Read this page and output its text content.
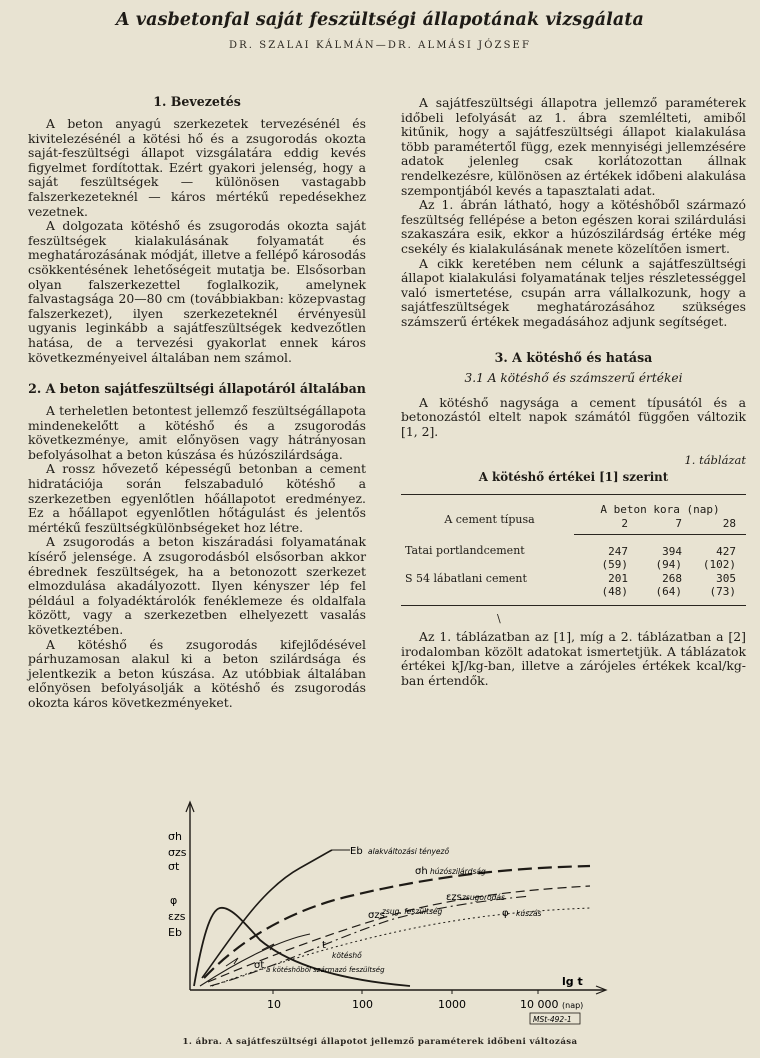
A vasbetonfal saját feszültségi állapotának vizsgálata
DR. SZALAI KÁLMÁN—DR. ALMÁSI JÓZSEF
1. Bevezetés

A beton anyagú szerkezetek tervezésénél és kivitelezésénél a kötési hő és a zsugorodás okozta saját-feszültségi állapot vizsgálatára eddig kevés figyelmet fordítottak. Ezért gyakori jelenség, hogy a saját feszültségek — különösen vastagabb falszerkezeteknél — káros mértékű repedésekhez vezetnek.

A dolgozata kötéshő és zsugorodás okozta saját feszültségek kialakulásának folyamatát és meghatározásának módját, illetve a fellépő károsodás csökkentésének lehetőségeit mutatja be. Elsősorban olyan falszerkezettel foglalkozik, amelynek falvastagsága 20—80 cm (továbbiakban: közepvastag falszerkezet), ilyen szerkezeteknél érvényesül ugyanis leginkább a sajátfeszültségek kedvezőtlen hatása, de a tervezési gyakorlat ennek káros következményeivel általában nem számol.

2. A beton sajátfeszültségi állapotáról általában

A terheletlen betontest jellemző feszültségállapota mindenekelőtt a kötéshő és a zsugorodás következménye, amit előnyösen vagy hátrányosan befolyásolhat a beton kúszása és húzószilárdsága.

A rossz hővezető képességű betonban a cement hidratációja során felszabaduló kötéshő a szerkezetben egyenlőtlen hőállapotot eredményez. Ez a hőállapot egyenlőtlen hőtágulást és jelentős mértékű feszültségkülönbségeket hoz létre.

A zsugorodás a beton kiszáradási folyamatának kísérő jelensége. A zsugorodásból elsősorban akkor ébrednek feszültségek, ha a betonozott szerkezet elmozdulása akadályozott. Ilyen kényszer lép fel például a folyadéktárolók fenéklemeze és oldalfala között, vagy a szerkezetben elhelyezett vasalás következtében.

A kötéshő és zsugorodás kifejlődésével párhuzamosan alakul ki a beton szilárdsága és jelentkezik a beton kúszása. Az utóbbiak általában előnyösen befolyásolják a kötéshő és zsugorodás okozta káros következményeket.

A sajátfeszültségi állapotra jellemző paraméterek időbeli lefolyását az 1. ábra szemlélteti, amiből kitűnik, hogy a sajátfeszültségi állapot kialakulása több paramétertől függ, ezek mennyiségi jellemzésére adatok jelenleg csak korlátozottan állnak rendelkezésre, különösen az értékek időbeni alakulása szempontjából kevés a tapasztalati adat.

Az 1. ábrán látható, hogy a kötéshőből származó feszültség fellépése a beton egészen korai szilárdulási szakaszára esik, ekkor a húzószilárdság értéke még csekély és kialakulásának menete közelítően ismert.

A cikk keretében nem célunk a sajátfeszültségi állapot kialakulási folyamatának teljes részletességgel való ismertetése, csupán arra vállalkozunk, hogy a sajátfeszültségek meghatározásához szükséges számszerű értékek megadásához adjunk segítséget.

3. A kötéshő és hatása
3.1 A kötéshő és számszerű értékei

A kötéshő nagysága a cement típusától és a betonozástól eltelt napok számától függően változik [1, 2].

1. táblázat
A kötéshő értékei [1] szerint
A cement típusa	A beton kora (nap)		
	2	7	28
Tatai portlandcement	247	394	427
	(59)	(94)	(102)
S 54 lábatlani cement	201	268	305
	(48)	(64)	(73)
\

Az 1. táblázatban az [1], míg a 2. táblázatban a [2] irodalomban közölt adatokat ismertetjük. A táblázatok értékei kJ/kg-ban, illetve a zárójeles értékek kcal/kg-ban értendők.

σh
σzs
σt
φ
εzs
Eb
10	100	1000	10 000 (nap)
lg t
MSt-492-1
Eb alakváltozási tényező
σh húzószilárdság
εzs zsugorodás
σzs
zsug. feszültség	φ kúszás
t
kötéshő
σt a kötéshőből származó feszültség
1. ábra. A sajátfeszültségi állapotot jellemző paraméterek időbeni változása
